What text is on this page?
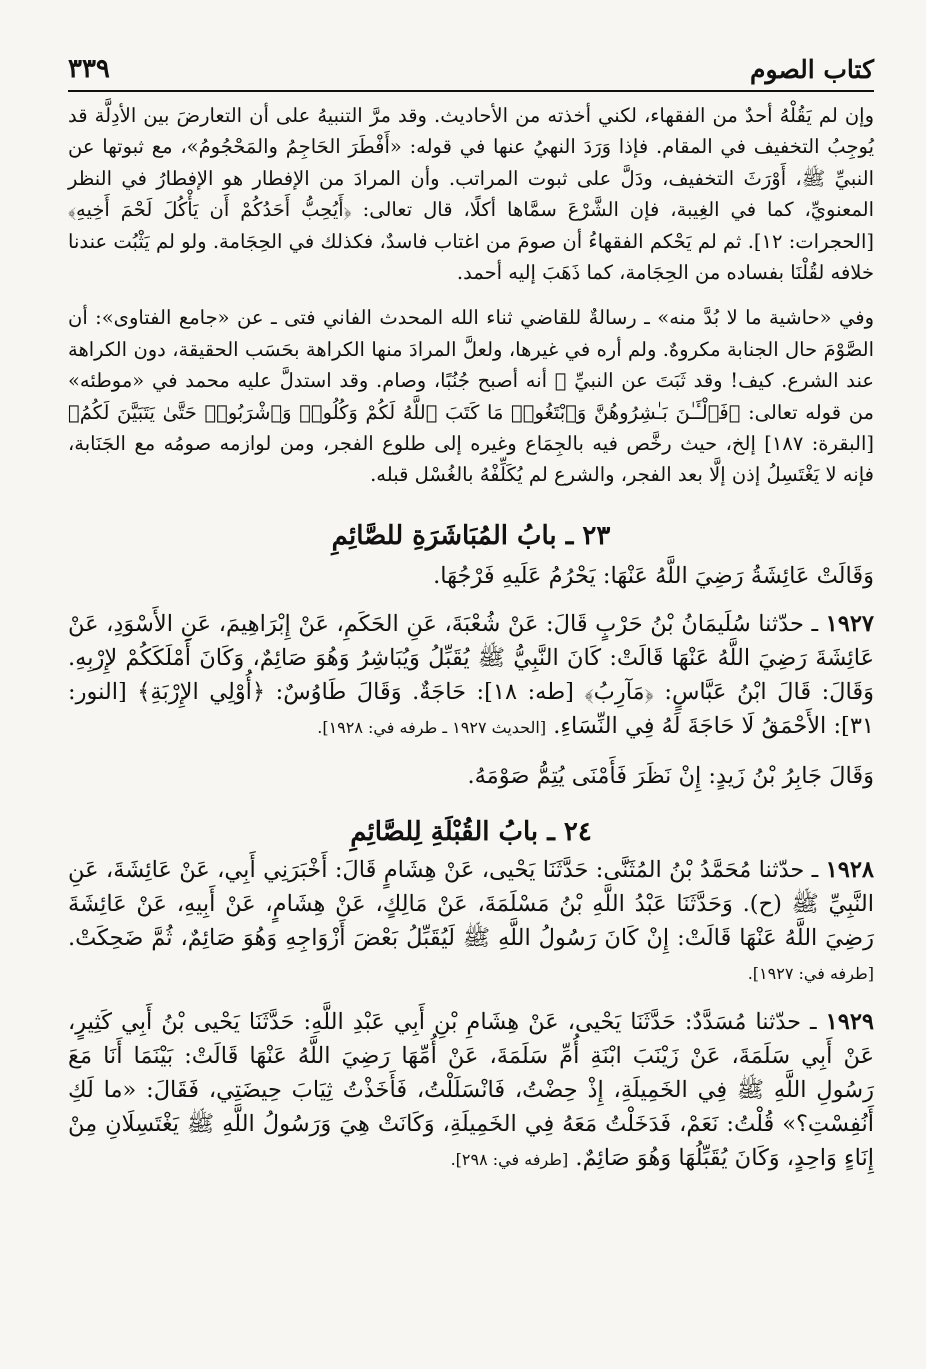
كتاب الصوم
٣٣٩

وإن لم يَقُلْهُ أحدٌ من الفقهاء، لكني أخذته من الأحاديث. وقد مرَّ التنبيهُ على أن التعارضَ بين الأدِلَّة قد يُوجِبُ التخفيف في المقام. فإذا وَرَدَ النهيُ عنها في قوله: «أَفْطَرَ الحَاجِمُ والمَحْجُومُ»، مع ثبوتها عن النبيِّ ﷺ، أَوْرَثَ التخفيف، ودَلَّ على ثبوت المراتب. وأن المرادَ من الإفطار هو الإفطارُ في النظر المعنويِّ، كما في الغِيبة، فإن الشَّرْعَ سمَّاها أكلًا، قال تعالى: ﴿أَيُحِبُّ أَحَدُكُمْ أَن يَأْكُلَ لَحْمَ أَخِيهِ﴾ [الحجرات: ١٢]. ثم لم يَحْكم الفقهاءُ أن صومَ من اغتاب فاسدٌ، فكذلك في الحِجَامة. ولو لم يَثْبُت عندنا خلافه لقُلْنَا بفساده من الحِجَامة، كما ذَهَبَ إليه أحمد.

وفي «حاشية ما لا بُدَّ منه» ـ رسالةٌ للقاضي ثناء الله المحدث الفاني فتى ـ عن «جامع الفتاوى»: أن الصَّوْمَ حال الجنابة مكروهٌ. ولم أره في غيرها، ولعلَّ المرادَ منها الكراهة بحَسَب الحقيقة، دون الكراهة عند الشرع. كيف! وقد ثَبَتَ عن النبيِّ ﷺ أنه أصبح جُنُبًا، وصام. وقد استدلَّ عليه محمد في «موطئه» من قوله تعالى: ﴿فَٱلْـَٔـٰنَ بَـٰشِرُوهُنَّ وَٱبْتَغُوا۟ مَا كَتَبَ ٱللَّهُ لَكُمْ وَكُلُوا۟ وَٱشْرَبُوا۟ حَتَّىٰ يَتَبَيَّنَ لَكُمُ﴾ [البقرة: ١٨٧] إلخ، حيث رخَّص فيه بالجِمَاع وغيره إلى طلوع الفجر، ومن لوازمه صومُه مع الجَنَابة، فإنه لا يَغْتَسِلُ إذن إلَّا بعد الفجر، والشرع لم يُكَلِّفْهُ بالغُسْل قبله.

٢٣ ـ بابُ المُبَاشَرَةِ للصَّائِمِ

وَقَالَتْ عَائِشَةُ رَضِيَ اللَّهُ عَنْهَا: يَحْرُمُ عَلَيهِ فَرْجُهَا.

١٩٢٧ ـ حدّثنا سُلَيمَانُ بْنُ حَرْبٍ قَالَ: عَنْ شُعْبَةَ، عَنِ الحَكَمِ، عَنْ إِبْرَاهِيمَ، عَنِ الأَسْوَدِ، عَنْ عَائِشَةَ رَضِيَ اللَّهُ عَنْهَا قَالَتْ: كَانَ النَّبِيُّ ﷺ يُقَبِّلُ وَيُبَاشِرُ وَهُوَ صَائِمٌ، وَكَانَ أَمْلَكَكُمْ لإِرْبِهِ. وَقَالَ: قَالَ ابْنُ عَبَّاسٍ: ﴿مَآرِبُ﴾ [طه: ١٨]: حَاجَةٌ. وَقَالَ طَاوُسٌ: ﴿أُوْلِي الإِرْبَةِ﴾ [النور: ٣١]: الأَحْمَقُ لَا حَاجَةَ لَهُ فِي النِّسَاءِ. [الحديث ١٩٢٧ ـ طرفه في: ١٩٢٨].

وَقَالَ جَابِرُ بْنُ زَيدٍ: إِنْ نَظَرَ فَأَمْنَى يُتِمُّ صَوْمَهُ.

٢٤ ـ بابُ القُبْلَةِ لِلصَّائِمِ

١٩٢٨ ـ حدّثنا مُحَمَّدُ بْنُ المُثَنَّى: حَدَّثَنَا يَحْيى، عَنْ هِشَامٍ قَالَ: أَخْبَرَنِي أَبِي، عَنْ عَائِشَةَ، عَنِ النَّبِيِّ ﷺ (ح). وَحَدَّثَنَا عَبْدُ اللَّهِ بْنُ مَسْلَمَةَ، عَنْ مَالِكٍ، عَنْ هِشَامٍ، عَنْ أَبِيهِ، عَنْ عَائِشَةَ رَضِيَ اللَّهُ عَنْهَا قَالَتْ: إِنْ كَانَ رَسُولُ اللَّهِ ﷺ لَيُقَبِّلُ بَعْضَ أَزْوَاجِهِ وَهُوَ صَائِمٌ، ثُمَّ ضَحِكَتْ. [طرفه في: ١٩٢٧].

١٩٢٩ ـ حدّثنا مُسَدَّدٌ: حَدَّثَنَا يَحْيى، عَنْ هِشَامِ بْنِ أَبِي عَبْدِ اللَّهِ: حَدَّثَنَا يَحْيى بْنُ أَبِي كَثِيرٍ، عَنْ أَبِي سَلَمَةَ، عَنْ زَيْنَبَ ابْنَةِ أُمِّ سَلَمَةَ، عَنْ أُمِّهَا رَضِيَ اللَّهُ عَنْهَا قَالَتْ: بَيْنَمَا أَنَا مَعَ رَسُولِ اللَّهِ ﷺ فِي الخَمِيلَةِ، إِذْ حِضْتُ، فَانْسَلَلْتُ، فَأَخَذْتُ ثِيَابَ حِيضَتِي، فَقَالَ: «ما لَكِ أَنُفِسْتِ؟» قُلْتُ: نَعَمْ، فَدَخَلْتُ مَعَهُ فِي الخَمِيلَةِ، وَكَانَتْ هِيَ وَرَسُولُ اللَّهِ ﷺ يَغْتَسِلَانِ مِنْ إِنَاءٍ وَاحِدٍ، وَكَانَ يُقَبِّلُهَا وَهُوَ صَائِمٌ. [طرفه في: ٢٩٨].
